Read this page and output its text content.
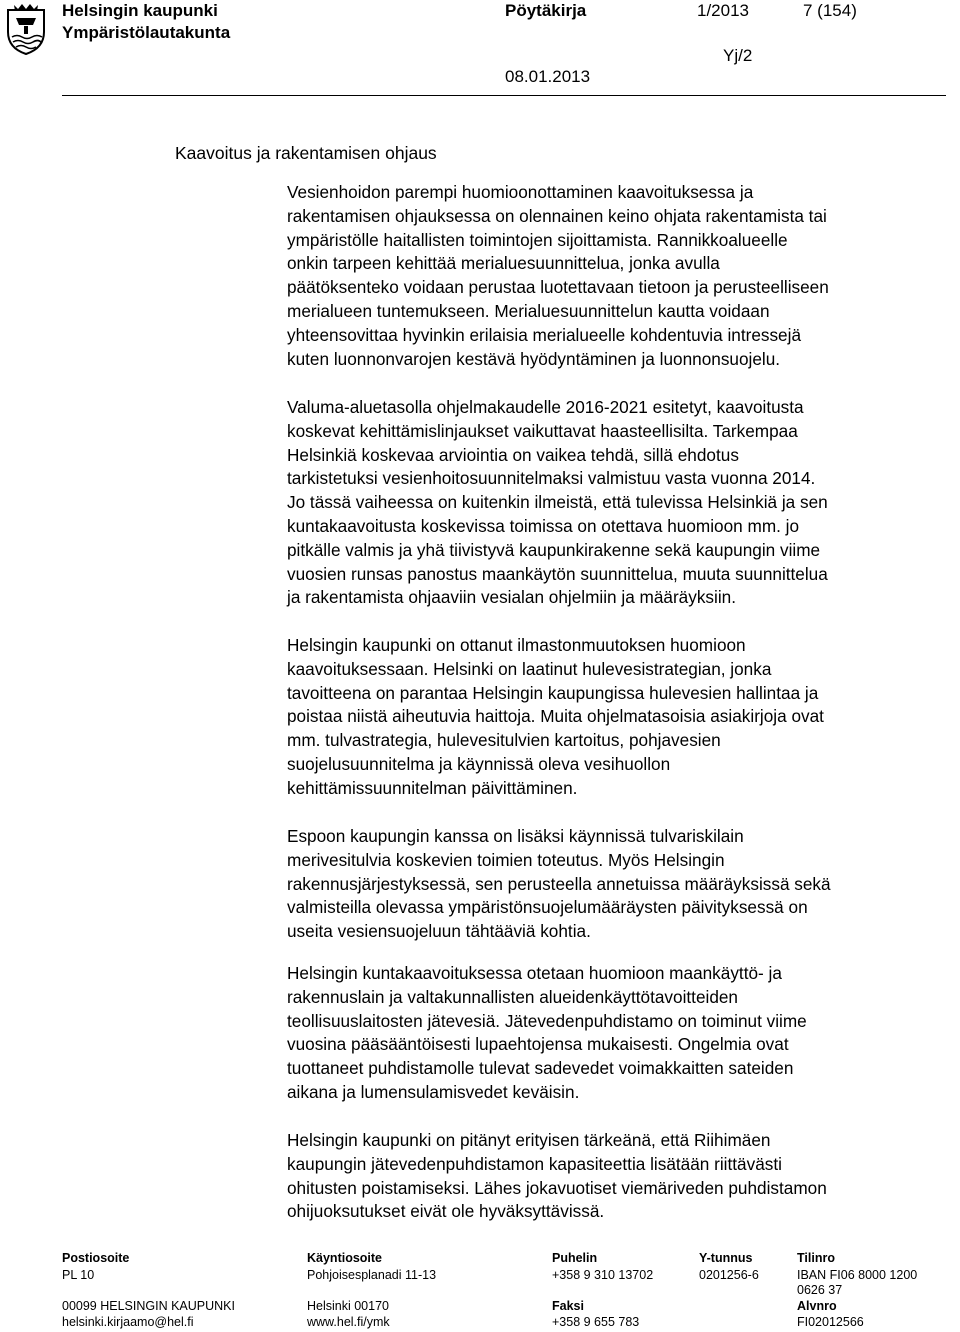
Helsingin kaupunki
Ympäristölautakunta
Pöytäkirja	1/2013	7 (154)
Yj/2
08.01.2013
Kaavoitus ja rakentamisen ohjaus
Vesienhoidon parempi huomioonottaminen kaavoituksessa ja
rakentamisen ohjauksessa on olennainen keino ohjata rakentamista tai
ympäristölle haitallisten toimintojen sijoittamista. Rannikkoalueelle
onkin tarpeen kehittää merialuesuunnittelua, jonka avulla
päätöksenteko voidaan perustaa luotettavaan tietoon ja perusteelliseen
merialueen tuntemukseen. Merialuesuunnittelun kautta voidaan
yhteensovittaa hyvinkin erilaisia merialueelle kohdentuvia intressejä
kuten luonnonvarojen kestävä hyödyntäminen ja luonnonsuojelu.
Valuma-aluetasolla ohjelmakaudelle 2016-2021 esitetyt, kaavoitusta
koskevat kehittämislinjaukset vaikuttavat haasteellisilta. Tarkempaa
Helsinkiä koskevaa arviointia on vaikea tehdä, sillä ehdotus
tarkistetuksi vesienhoitosuunnitelmaksi valmistuu vasta vuonna 2014.
Jo tässä vaiheessa on kuitenkin ilmeistä, että tulevissa Helsinkiä ja sen
kuntakaavoitusta koskevissa toimissa on otettava huomioon mm. jo
pitkälle valmis ja yhä tiivistyvä kaupunkirakenne sekä kaupungin viime
vuosien runsas panostus maankäytön suunnittelua, muuta suunnittelua
ja rakentamista ohjaaviin vesialan ohjelmiin ja määräyksiin.
Helsingin kaupunki on ottanut ilmastonmuutoksen huomioon
kaavoituksessaan. Helsinki on laatinut hulevesistrategian, jonka
tavoitteena on parantaa Helsingin kaupungissa hulevesien hallintaa ja
poistaa niistä aiheutuvia haittoja. Muita ohjelmatasoisia asiakirjoja ovat
mm. tulvastrategia, hulevesitulvien kartoitus, pohjavesien
suojelusuunnitelma ja käynnissä oleva vesihuollon
kehittämissuunnitelman päivittäminen.
Espoon kaupungin kanssa on lisäksi käynnissä tulvariskilain
merivesitulvia koskevien toimien toteutus. Myös Helsingin
rakennusjärjestyksessä, sen perusteella annetuissa määräyksissä sekä
valmisteilla olevassa ympäristönsuojelumääräysten päivityksessä on
useita vesiensuojeluun tähtääviä kohtia.
Helsingin kuntakaavoituksessa otetaan huomioon maankäyttö- ja
rakennuslain ja valtakunnallisten alueidenkäyttötavoitteiden
teollisuuslaitosten jätevesiä. Jätevedenpuhdistamo on toiminut viime
vuosina pääsääntöisesti lupaehtojensa mukaisesti. Ongelmia ovat
tuottaneet puhdistamolle tulevat sadevedet voimakkaitten sateiden
aikana ja lumensulamisvedet keväisin.
Helsingin kaupunki on pitänyt erityisen tärkeänä, että Riihimäen
kaupungin jätevedenpuhdistamon kapasiteettia lisätään riittävästi
ohitusten poistamiseksi. Lähes jokavuotiset viemäriveden puhdistamon
ohijuoksutukset eivät ole hyväksyttävissä.
Postiosoite
PL 10
00099 HELSINGIN KAUPUNKI
helsinki.kirjaamo@hel.fi
Käyntiosoite
Pohjoisesplanadi 11-13
Helsinki 00170
www.hel.fi/ymk
Puhelin
+358 9 310 13702
Faksi
+358 9 655 783
Y-tunnus
0201256-6
Tilinro
IBAN FI06 8000 1200
0626 37
Alvnro
FI02012566
